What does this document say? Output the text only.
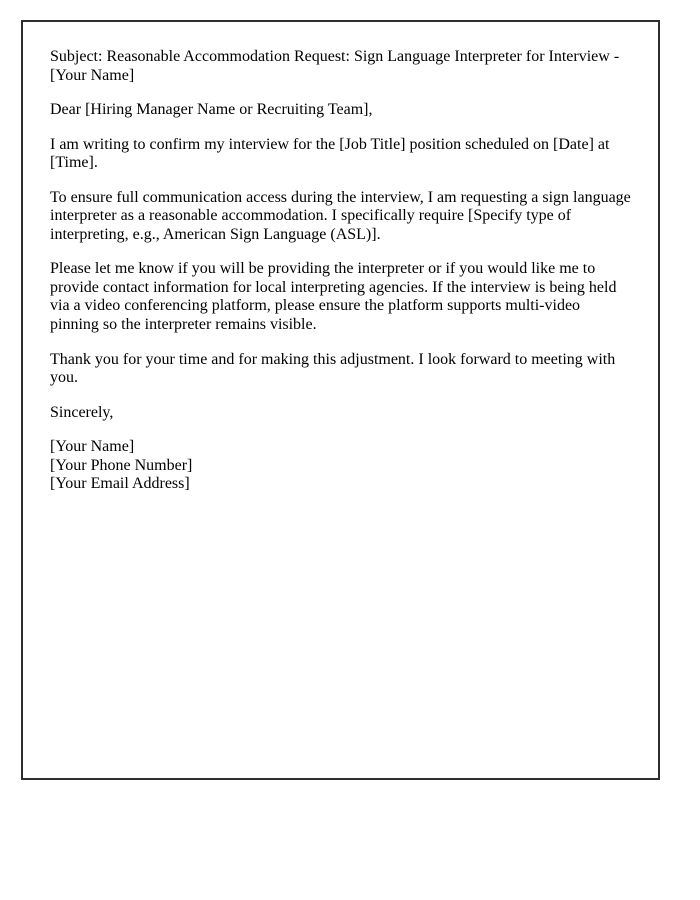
Subject: Reasonable Accommodation Request: Sign Language Interpreter for Interview - [Your Name]

Dear [Hiring Manager Name or Recruiting Team],

I am writing to confirm my interview for the [Job Title] position scheduled on [Date] at [Time].

To ensure full communication access during the interview, I am requesting a sign language interpreter as a reasonable accommodation. I specifically require [Specify type of interpreting, e.g., American Sign Language (ASL)].

Please let me know if you will be providing the interpreter or if you would like me to provide contact information for local interpreting agencies. If the interview is being held via a video conferencing platform, please ensure the platform supports multi-video pinning so the interpreter remains visible.

Thank you for your time and for making this adjustment. I look forward to meeting with you.

Sincerely,

[Your Name]
[Your Phone Number]
[Your Email Address]
